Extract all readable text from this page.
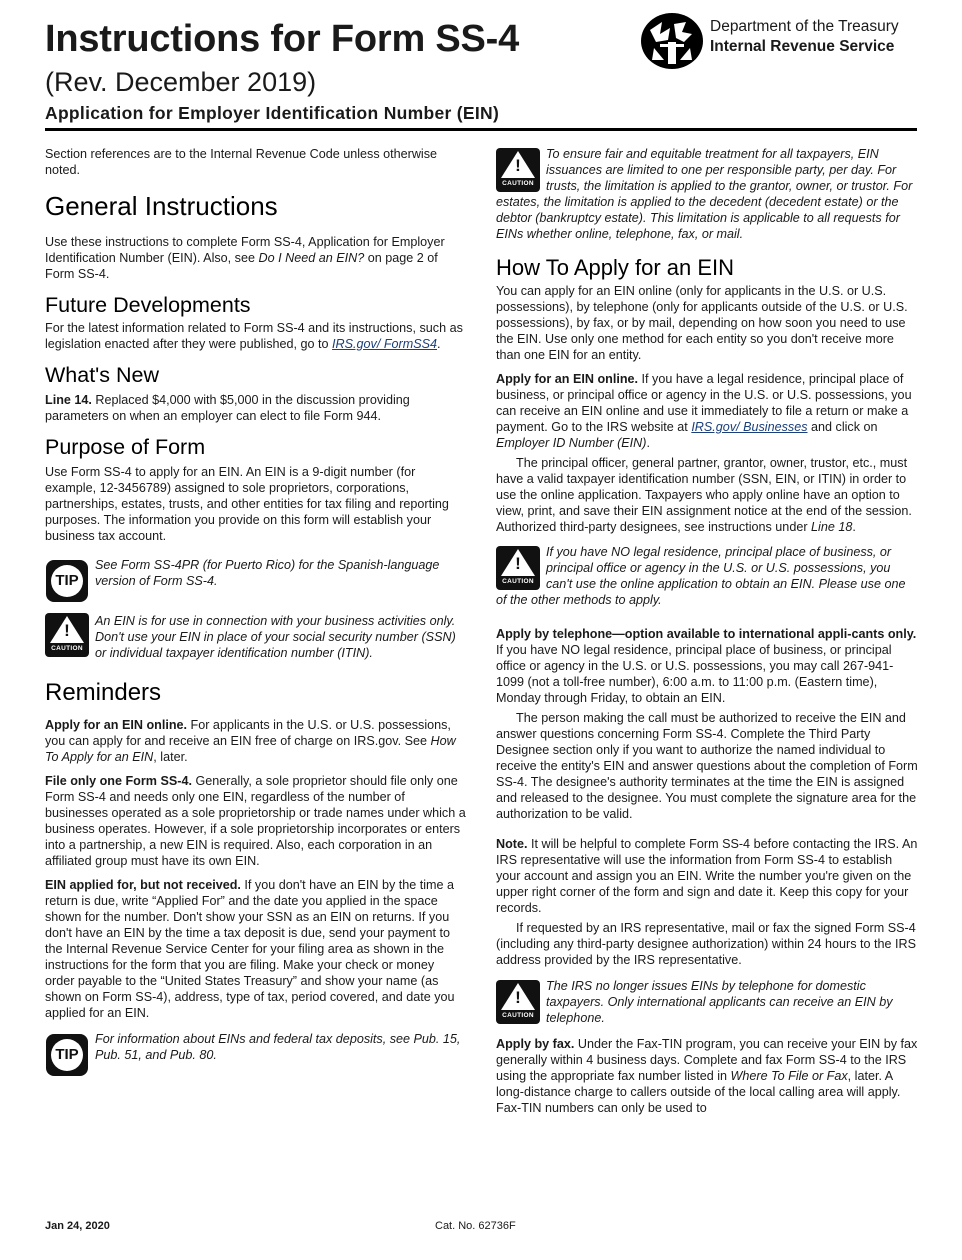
Instructions for Form SS-4
(Rev. December 2019)
Application for Employer Identification Number (EIN)
Department of the Treasury
Internal Revenue Service

Section references are to the Internal Revenue Code unless otherwise noted.

General Instructions

Use these instructions to complete Form SS-4, Application for Employer Identification Number (EIN). Also, see Do I Need an EIN? on page 2 of Form SS-4.

Future Developments

For the latest information related to Form SS-4 and its instructions, such as legislation enacted after they were published, go to IRS.gov/ FormSS4.

What's New

Line 14. Replaced $4,000 with $5,000 in the discussion providing parameters on when an employer can elect to file Form 944.

Purpose of Form

Use Form SS-4 to apply for an EIN. An EIN is a 9-digit number (for example, 12-3456789) assigned to sole proprietors, corporations, partnerships, estates, trusts, and other entities for tax filing and reporting purposes. The information you provide on this form will establish your business tax account.

TIP

See Form SS-4PR (for Puerto Rico) for the Spanish-language version of Form SS-4.

!
CAUTION

An EIN is for use in connection with your business activities only. Don't use your EIN in place of your social security number (SSN) or individual taxpayer identification number (ITIN).

Reminders

Apply for an EIN online. For applicants in the U.S. or U.S. possessions, you can apply for and receive an EIN free of charge on IRS.gov. See How To Apply for an EIN, later.

File only one Form SS-4. Generally, a sole proprietor should file only one Form SS-4 and needs only one EIN, regardless of the number of businesses operated as a sole proprietorship or trade names under which a business operates. However, if a sole proprietorship incorporates or enters into a partnership, a new EIN is required. Also, each corporation in an affiliated group must have its own EIN.

EIN applied for, but not received. If you don't have an EIN by the time a return is due, write “Applied For” and the date you applied in the space shown for the number. Don't show your SSN as an EIN on returns. If you don't have an EIN by the time a tax deposit is due, send your payment to the Internal Revenue Service Center for your filing area as shown in the instructions for the form that you are filing. Make your check or money order payable to the “United States Treasury” and show your name (as shown on Form SS-4), address, type of tax, period covered, and date you applied for an EIN.

TIP

For information about EINs and federal tax deposits, see Pub. 15, Pub. 51, and Pub. 80.

!
CAUTION

To ensure fair and equitable treatment for all taxpayers, EIN issuances are limited to one per responsible party, per day. For trusts, the limitation is applied to the grantor, owner, or trustor. For estates, the limitation is applied to the decedent (decedent estate) or the debtor (bankruptcy estate). This limitation is applicable to all requests for EINs whether online, telephone, fax, or mail.

How To Apply for an EIN

You can apply for an EIN online (only for applicants in the U.S. or U.S. possessions), by telephone (only for applicants outside of the U.S. or U.S. possessions), by fax, or by mail, depending on how soon you need to use the EIN. Use only one method for each entity so you don't receive more than one EIN for an entity.

Apply for an EIN online. If you have a legal residence, principal place of business, or principal office or agency in the U.S. or U.S. possessions, you can receive an EIN online and use it immediately to file a return or make a payment. Go to the IRS website at IRS.gov/ Businesses and click on Employer ID Number (EIN).

The principal officer, general partner, grantor, owner, trustor, etc., must have a valid taxpayer identification number (SSN, EIN, or ITIN) in order to use the online application. Taxpayers who apply online have an option to view, print, and save their EIN assignment notice at the end of the session. Authorized third-party designees, see instructions under Line 18.

!
CAUTION

If you have NO legal residence, principal place of business, or principal office or agency in the U.S. or U.S. possessions, you can't use the online application to obtain an EIN. Please use one of the other methods to apply.

Apply by telephone—option available to international appli-cants only. If you have NO legal residence, principal place of business, or principal office or agency in the U.S. or U.S. possessions, you may call 267-941-1099 (not a toll-free number), 6:00 a.m. to 11:00 p.m. (Eastern time), Monday through Friday, to obtain an EIN.

The person making the call must be authorized to receive the EIN and answer questions concerning Form SS-4. Complete the Third Party Designee section only if you want to authorize the named individual to receive the entity's EIN and answer questions about the completion of Form SS-4. The designee's authority terminates at the time the EIN is assigned and released to the designee. You must complete the signature area for the authorization to be valid.

Note. It will be helpful to complete Form SS-4 before contacting the IRS. An IRS representative will use the information from Form SS-4 to establish your account and assign you an EIN. Write the number you're given on the upper right corner of the form and sign and date it. Keep this copy for your records.

If requested by an IRS representative, mail or fax the signed Form SS-4 (including any third-party designee authorization) within 24 hours to the IRS address provided by the IRS representative.

!
CAUTION

The IRS no longer issues EINs by telephone for domestic taxpayers. Only international applicants can receive an EIN by telephone.

Apply by fax. Under the Fax-TIN program, you can receive your EIN by fax generally within 4 business days. Complete and fax Form SS-4 to the IRS using the appropriate fax number listed in Where To File or Fax, later. A long-distance charge to callers outside of the local calling area will apply. Fax-TIN numbers can only be used to

Jan 24, 2020	Cat. No. 62736F
